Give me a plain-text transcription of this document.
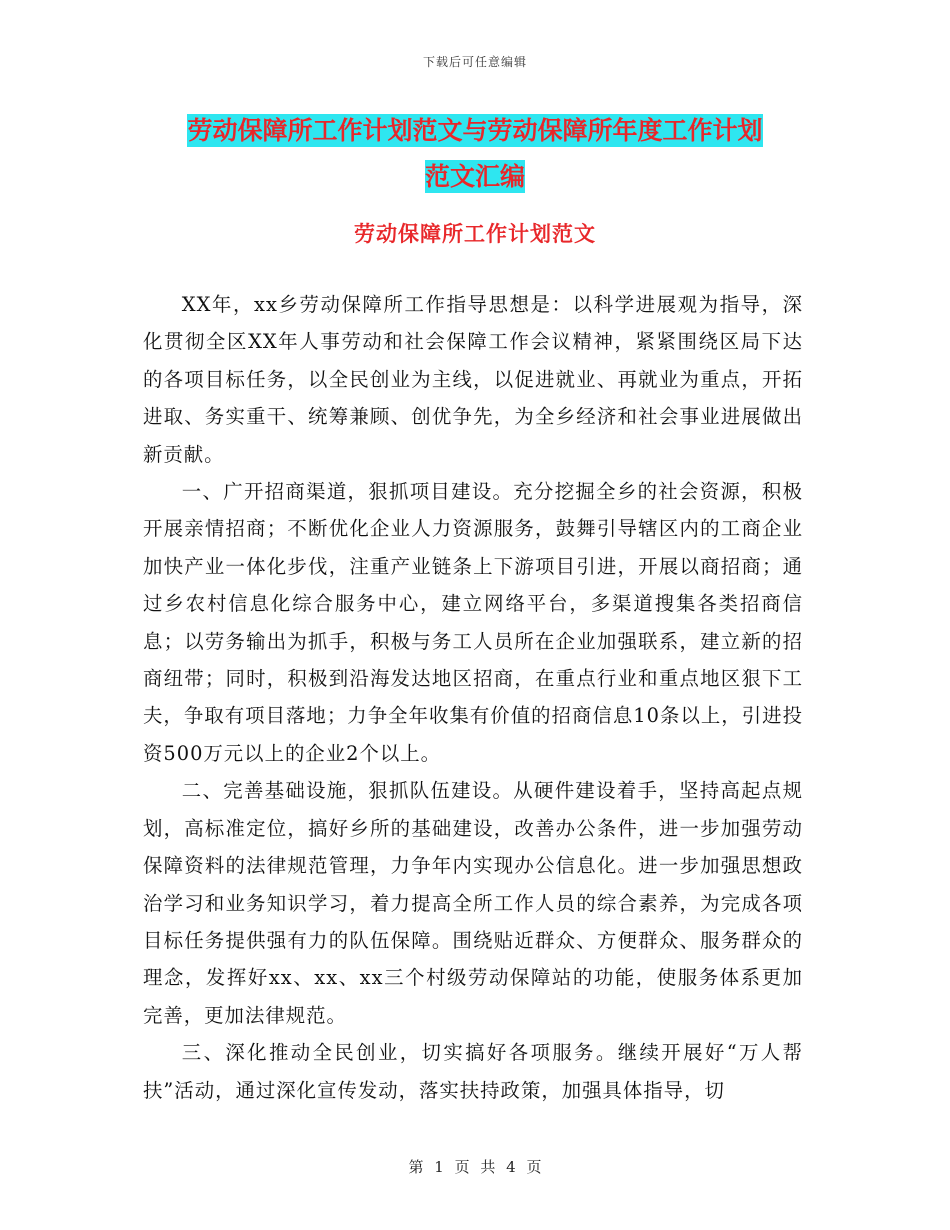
下载后可任意编辑
劳动保障所工作计划范文与劳动保障所年度工作计划
范文汇编
劳动保障所工作计划范文

XX年，xx乡劳动保障所工作指导思想是：以科学进展观为指导，深化贯彻全区XX年人事劳动和社会保障工作会议精神，紧紧围绕区局下达的各项目标任务，以全民创业为主线，以促进就业、再就业为重点，开拓进取、务实重干、统筹兼顾、创优争先，为全乡经济和社会事业进展做出新贡献。

一、广开招商渠道，狠抓项目建设。充分挖掘全乡的社会资源，积极开展亲情招商；不断优化企业人力资源服务，鼓舞引导辖区内的工商企业加快产业一体化步伐，注重产业链条上下游项目引进，开展以商招商；通过乡农村信息化综合服务中心，建立网络平台，多渠道搜集各类招商信息；以劳务输出为抓手，积极与务工人员所在企业加强联系，建立新的招商纽带；同时，积极到沿海发达地区招商，在重点行业和重点地区狠下工夫，争取有项目落地；力争全年收集有价值的招商信息10条以上，引进投资500万元以上的企业2个以上。

二、完善基础设施，狠抓队伍建设。从硬件建设着手，坚持高起点规划，高标准定位，搞好乡所的基础建设，改善办公条件，进一步加强劳动保障资料的法律规范管理，力争年内实现办公信息化。进一步加强思想政治学习和业务知识学习，着力提高全所工作人员的综合素养，为完成各项目标任务提供强有力的队伍保障。围绕贴近群众、方便群众、服务群众的理念，发挥好xx、xx、xx三个村级劳动保障站的功能，使服务体系更加完善，更加法律规范。

三、深化推动全民创业，切实搞好各项服务。继续开展好“万人帮扶”活动，通过深化宣传发动，落实扶持政策，加强具体指导，切

第 1 页 共 4 页
